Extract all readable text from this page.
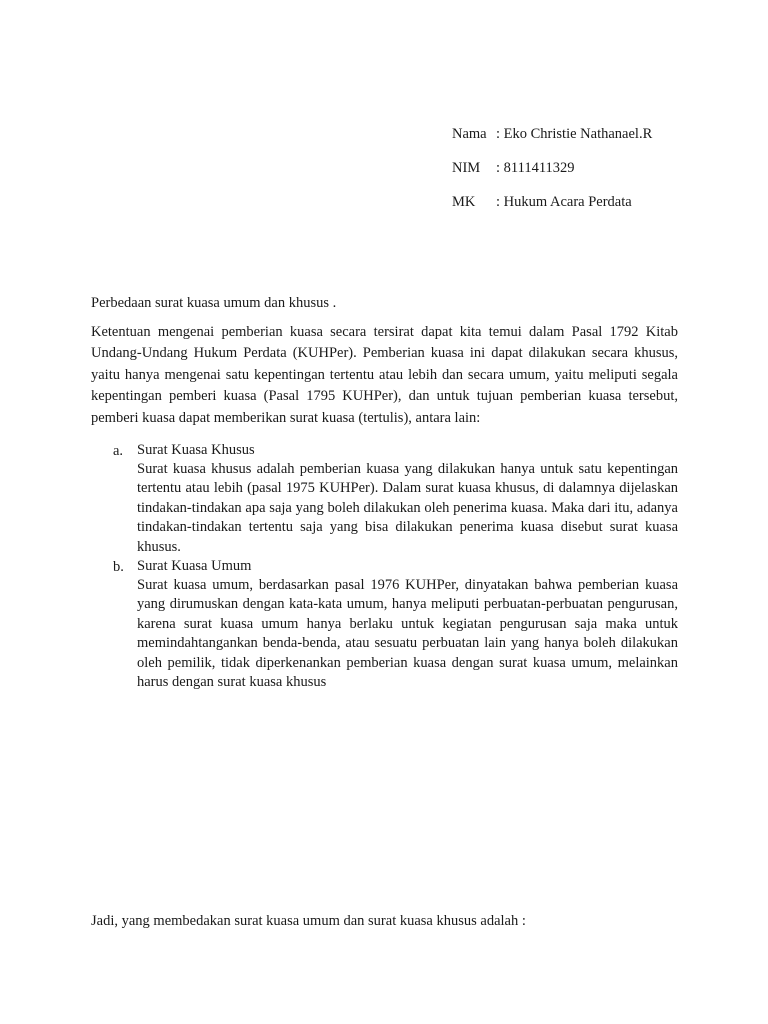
Nama : Eko Christie Nathanael.R
NIM	: 8111411329
MK	: Hukum Acara Perdata
Perbedaan surat kuasa umum dan khusus .

Ketentuan mengenai pemberian kuasa secara tersirat dapat kita temui dalam Pasal 1792 Kitab Undang-Undang Hukum Perdata (KUHPer). Pemberian kuasa ini dapat dilakukan secara khusus, yaitu hanya mengenai satu kepentingan tertentu atau lebih dan secara umum, yaitu meliputi segala kepentingan pemberi kuasa (Pasal 1795 KUHPer), dan untuk tujuan pemberian kuasa tersebut, pemberi kuasa dapat memberikan surat kuasa (tertulis), antara lain:

a. Surat Kuasa Khusus

Surat kuasa khusus adalah pemberian kuasa yang dilakukan hanya untuk satu kepentingan tertentu atau lebih (pasal 1975 KUHPer). Dalam surat kuasa khusus, di dalamnya dijelaskan tindakan-tindakan apa saja yang boleh dilakukan oleh penerima kuasa. Maka dari itu, adanya tindakan-tindakan tertentu saja yang bisa dilakukan penerima kuasa disebut surat kuasa khusus.

b. Surat Kuasa Umum

Surat kuasa umum, berdasarkan pasal 1976 KUHPer, dinyatakan bahwa pemberian kuasa yang dirumuskan dengan kata-kata umum, hanya meliputi perbuatan-perbuatan pengurusan, karena surat kuasa umum hanya berlaku untuk kegiatan pengurusan saja maka untuk memindahtangankan benda-benda, atau sesuatu perbuatan lain yang hanya boleh dilakukan oleh pemilik, tidak diperkenankan pemberian kuasa dengan surat kuasa umum, melainkan harus dengan surat kuasa khusus

Jadi, yang membedakan surat kuasa umum dan surat kuasa khusus adalah :
